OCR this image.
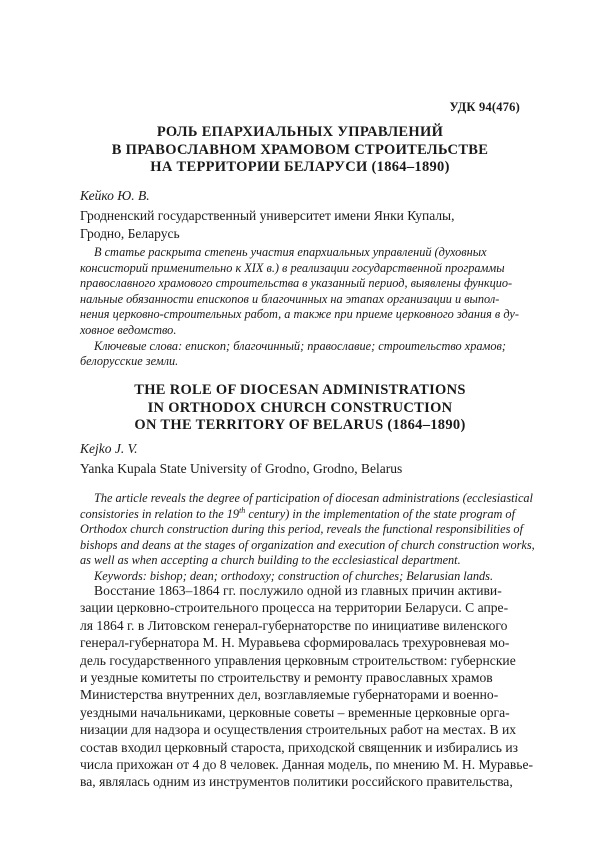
УДК 94(476)
РОЛЬ ЕПАРХИАЛЬНЫХ УПРАВЛЕНИЙ
В ПРАВОСЛАВНОМ ХРАМОВОМ СТРОИТЕЛЬСТВЕ
НА ТЕРРИТОРИИ БЕЛАРУСИ (1864–1890)
Кейко Ю. В.
Гродненский государственный университет имени Янки Купалы,
Гродно, Беларусь
В статье раскрыта степень участия епархиальных управлений (духовных
консисторий применительно к XIX в.) в реализации государственной программы
православного храмового строительства в указанный период, выявлены функцио-
нальные обязанности епископов и благочинных на этапах организации и выпол-
нения церковно-строительных работ, а также при приеме церковного здания в ду-
ховное ведомство.
Ключевые слова: епископ; благочинный; православие; строительство храмов;
белорусские земли.
THE ROLE OF DIOCESAN ADMINISTRATIONS
IN ORTHODOX CHURCH CONSTRUCTION
ON THE TERRITORY OF BELARUS (1864–1890)
Kejko J. V.
Yanka Kupala State University of Grodno, Grodno, Belarus
The article reveals the degree of participation of diocesan administrations (ecclesiastical
consistories in relation to the 19th century) in the implementation of the state program of
Orthodox church construction during this period, reveals the functional responsibilities of
bishops and deans at the stages of organization and execution of church construction works,
as well as when accepting a church building to the ecclesiastical department.
Keywords: bishop; dean; orthodoxy; construction of churches; Belarusian lands.
Восстание 1863–1864 гг. послужило одной из главных причин активи-
зации церковно-строительного процесса на территории Беларуси. С апре-
ля 1864 г. в Литовском генерал-губернаторстве по инициативе виленского
генерал-губернатора М. Н. Муравьева сформировалась трехуровневая мо-
дель государственного управления церковным строительством: губернские
и уездные комитеты по строительству и ремонту православных храмов
Министерства внутренних дел, возглавляемые губернаторами и военно-
уездными начальниками, церковные советы – временные церковные орга-
низации для надзора и осуществления строительных работ на местах. В их
состав входил церковный староста, приходской священник и избирались из
числа прихожан от 4 до 8 человек. Данная модель, по мнению М. Н. Муравье-
ва, являлась одним из инструментов политики российского правительства,
